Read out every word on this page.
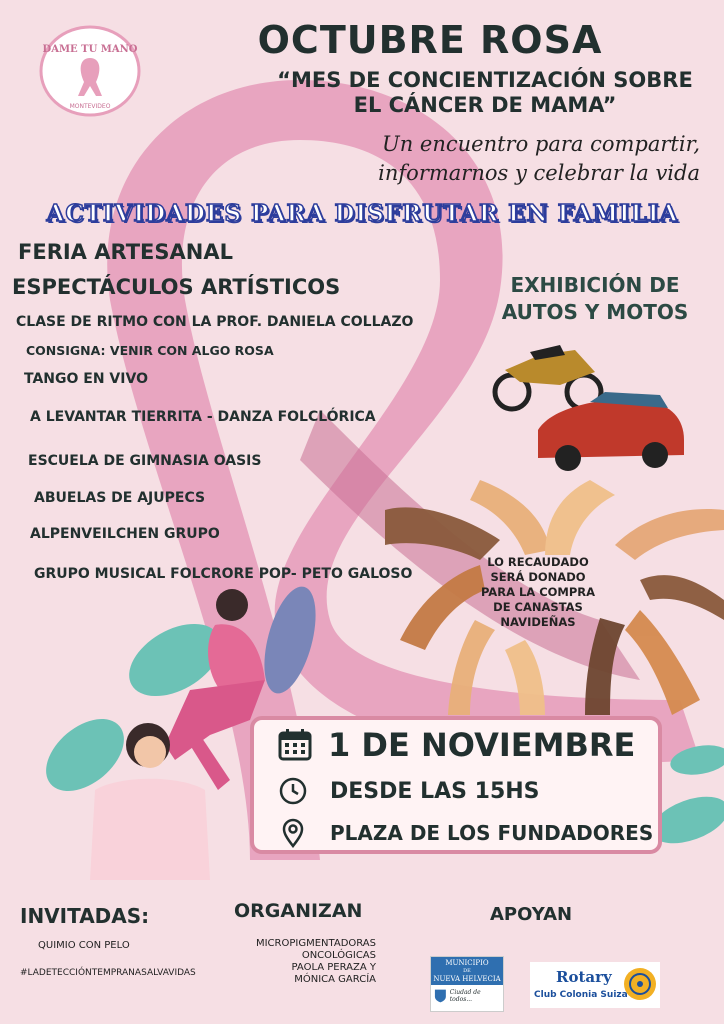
DAME TU MANO
MONTEVIDEO
OCTUBRE ROSA
“MES DE CONCIENTIZACIÓN SOBRE
EL CÁNCER DE MAMA”
Un encuentro para compartir,
informarnos y celebrar la vida
ACTIVIDADES PARA DISFRUTAR EN FAMILIA
FERIA ARTESANAL
ESPECTÁCULOS ARTÍSTICOS
CLASE DE RITMO CON LA PROF. DANIELA COLLAZO
CONSIGNA: VENIR CON ALGO ROSA
TANGO EN VIVO
A LEVANTAR TIERRITA - DANZA FOLCLÓRICA
ESCUELA DE GIMNASIA OASIS
ABUELAS DE AJUPECS
ALPENVEILCHEN GRUPO
GRUPO MUSICAL FOLCRORE POP- PETO GALOSO
EXHIBICIÓN DE
AUTOS Y MOTOS
LO RECAUDADO
SERÁ DONADO
PARA LA COMPRA
DE CANASTAS
NAVIDEÑAS
1 DE NOVIEMBRE
DESDE LAS 15HS
PLAZA DE LOS FUNDADORES
INVITADAS:
QUIMIO CON PELO
#LADETECCIÓNTEMPRANASALVAVIDAS
ORGANIZAN
MICROPIGMENTADORAS
ONCOLÓGICAS
PAOLA PERAZA Y
MÓNICA GARCÍA
APOYAN
MUNICIPIO
DE
NUEVA HELVECIA
Ciudad de todos...
Rotary
Club Colonia Suiza
